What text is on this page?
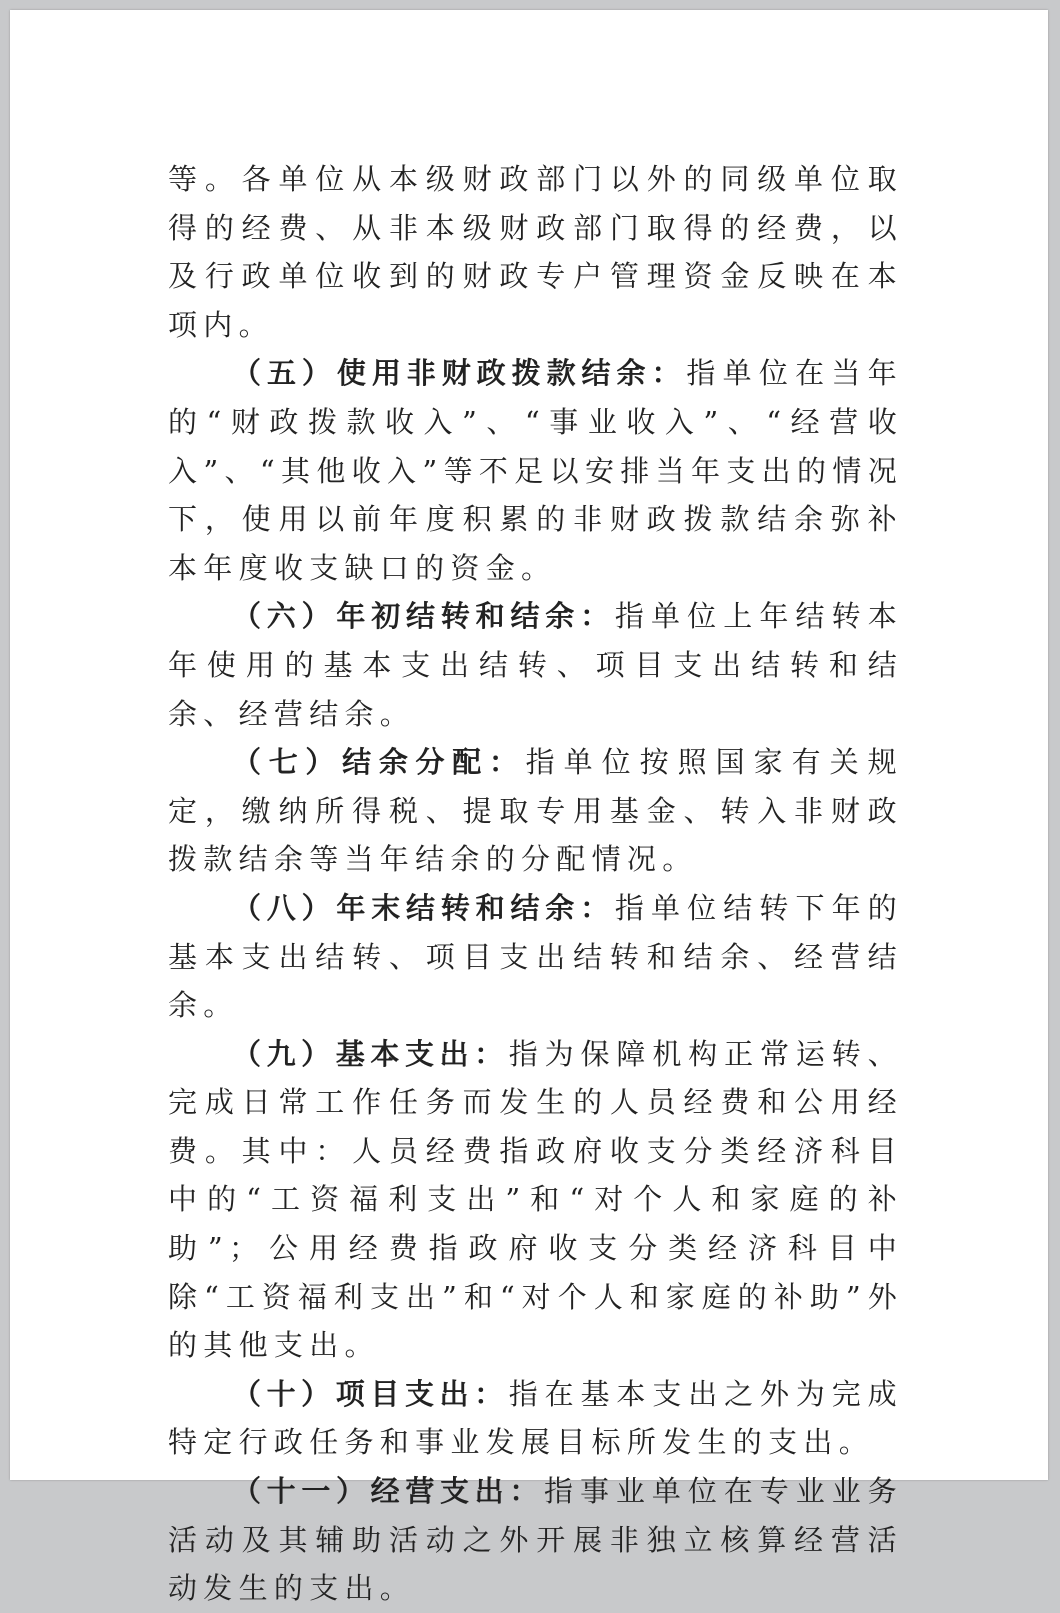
等。各单位从本级财政部门以外的同级单位取得的经费、从非本级财政部门取得的经费，以及行政单位收到的财政专户管理资金反映在本项内。

（五）使用非财政拨款结余：指单位在当年的“财政拨款收入”、“事业收入”、“经营收入”、“其他收入”等不足以安排当年支出的情况下，使用以前年度积累的非财政拨款结余弥补本年度收支缺口的资金。

（六）年初结转和结余：指单位上年结转本年使用的基本支出结转、项目支出结转和结余、经营结余。

（七）结余分配：指单位按照国家有关规定，缴纳所得税、提取专用基金、转入非财政拨款结余等当年结余的分配情况。

（八）年末结转和结余：指单位结转下年的基本支出结转、项目支出结转和结余、经营结余。

（九）基本支出：指为保障机构正常运转、完成日常工作任务而发生的人员经费和公用经费。其中：人员经费指政府收支分类经济科目中的“工资福利支出”和“对个人和家庭的补助”；公用经费指政府收支分类经济科目中除“工资福利支出”和“对个人和家庭的补助”外的其他支出。

（十）项目支出：指在基本支出之外为完成特定行政任务和事业发展目标所发生的支出。

（十一）经营支出：指事业单位在专业业务活动及其辅助活动之外开展非独立核算经营活动发生的支出。
